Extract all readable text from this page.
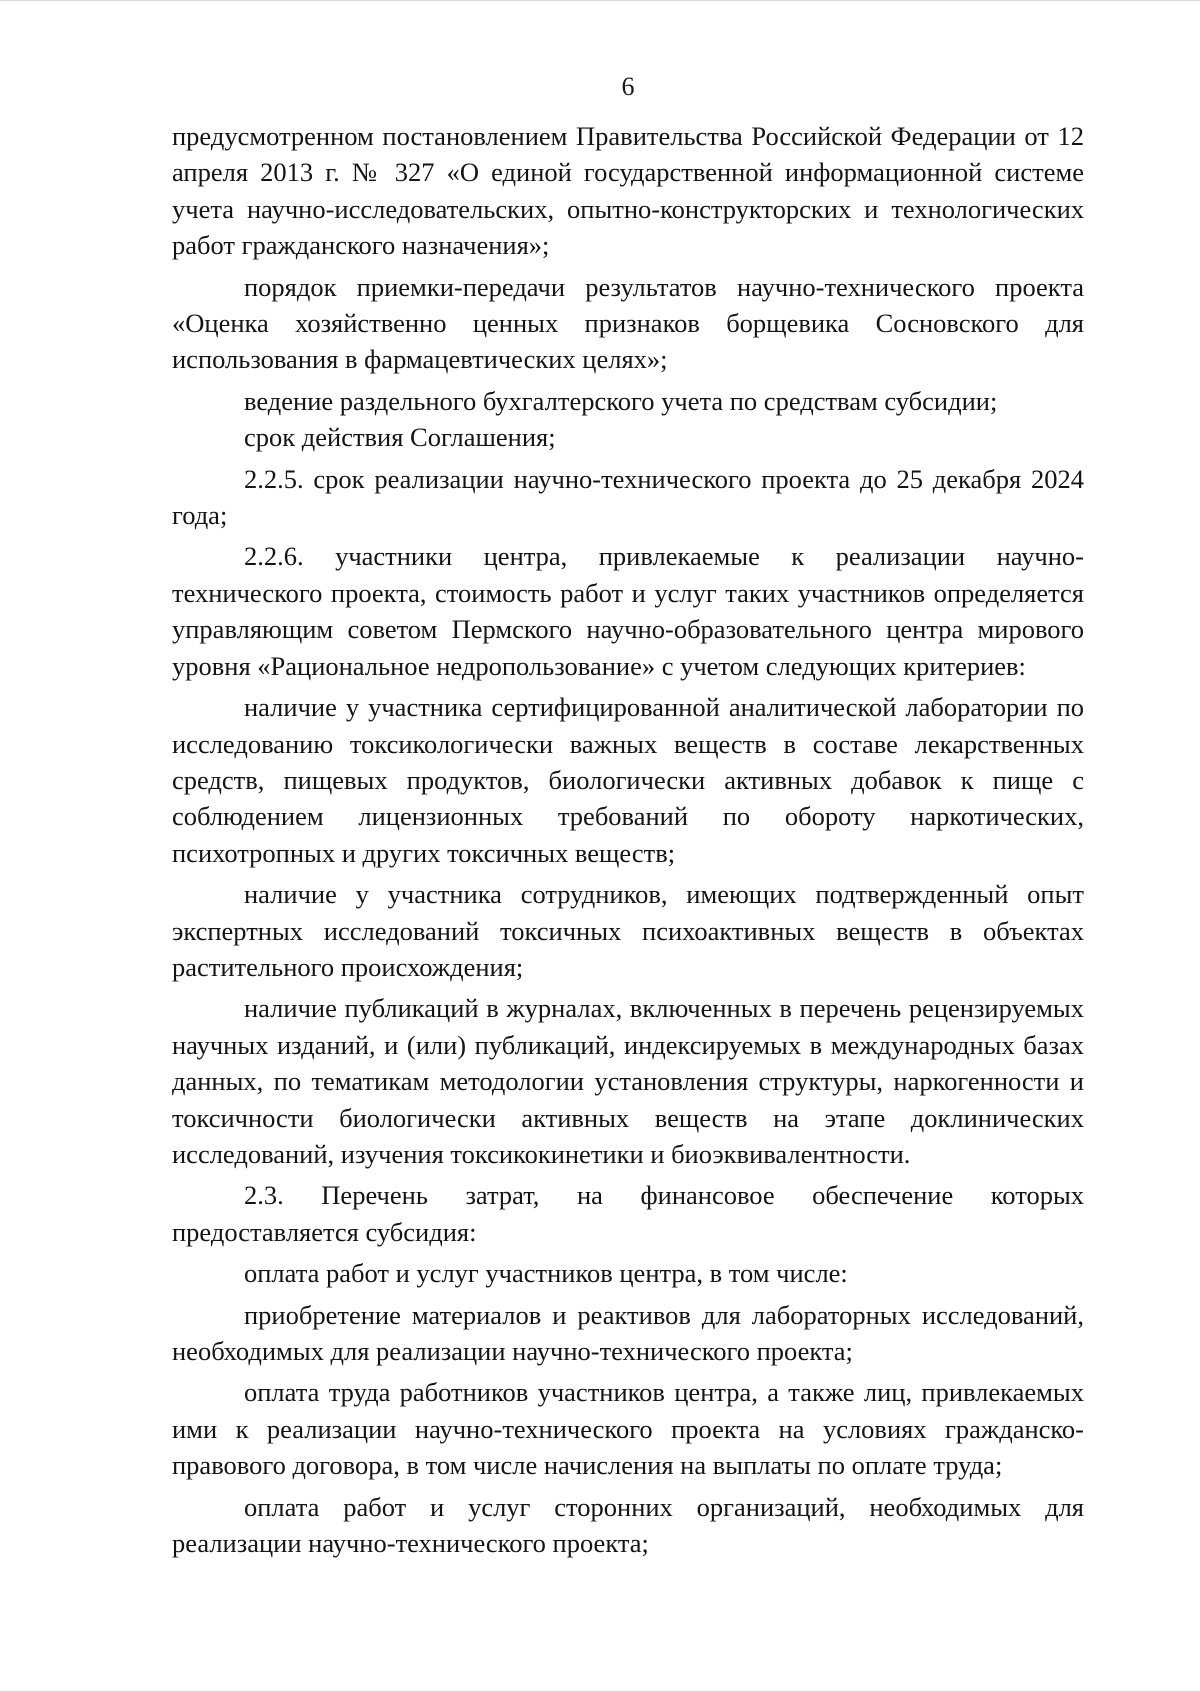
6

предусмотренном постановлением Правительства Российской Федерации от 12 апреля 2013 г. № 327 «О единой государственной информационной системе учета научно-исследовательских, опытно-конструкторских и технологических работ гражданского назначения»;

порядок приемки-передачи результатов научно-технического проекта «Оценка хозяйственно ценных признаков борщевика Сосновского для использования в фармацевтических целях»;

ведение раздельного бухгалтерского учета по средствам субсидии;

срок действия Соглашения;

2.2.5. срок реализации научно-технического проекта до 25 декабря 2024 года;

2.2.6. участники центра, привлекаемые к реализации научно-технического проекта, стоимость работ и услуг таких участников определяется управляющим советом Пермского научно-образовательного центра мирового уровня «Рациональное недропользование» с учетом следующих критериев:

наличие у участника сертифицированной аналитической лаборатории по исследованию токсикологически важных веществ в составе лекарственных средств, пищевых продуктов, биологически активных добавок к пище с соблюдением лицензионных требований по обороту наркотических, психотропных и других токсичных веществ;

наличие у участника сотрудников, имеющих подтвержденный опыт экспертных исследований токсичных психоактивных веществ в объектах растительного происхождения;

наличие публикаций в журналах, включенных в перечень рецензируемых научных изданий, и (или) публикаций, индексируемых в международных базах данных, по тематикам методологии установления структуры, наркогенности и токсичности биологически активных веществ на этапе доклинических исследований, изучения токсикокинетики и биоэквивалентности.

2.3. Перечень затрат, на финансовое обеспечение которых предоставляется субсидия:

оплата работ и услуг участников центра, в том числе:

приобретение материалов и реактивов для лабораторных исследований, необходимых для реализации научно-технического проекта;

оплата труда работников участников центра, а также лиц, привлекаемых ими к реализации научно-технического проекта на условиях гражданско-правового договора, в том числе начисления на выплаты по оплате труда;

оплата работ и услуг сторонних организаций, необходимых для реализации научно-технического проекта;
